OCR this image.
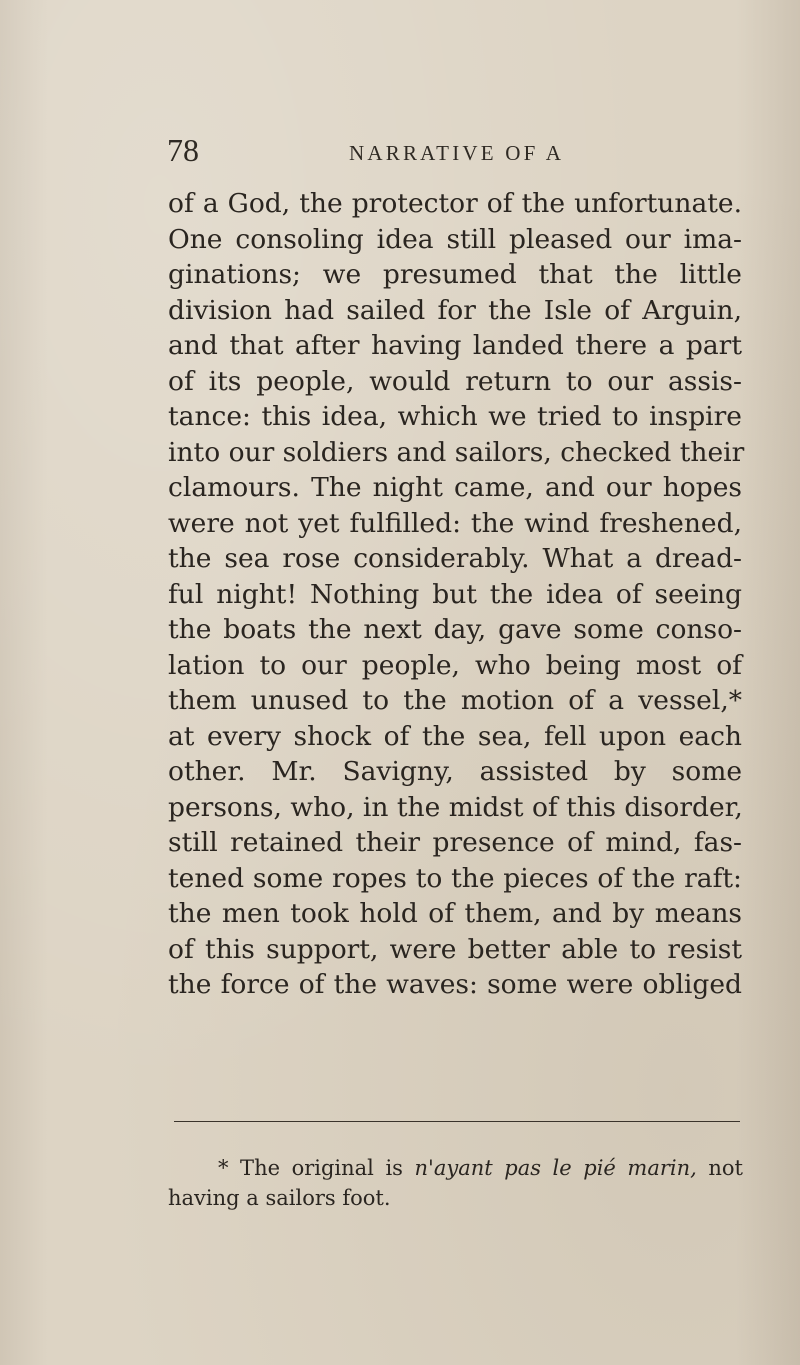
78	NARRATIVE OF A
of a God, the protector of the unfortunate.
One consoling idea still pleased our ima-
ginations; we presumed that the little
division had sailed for the Isle of Arguin,
and that after having landed there a part
of its people, would return to our assis-
tance: this idea, which we tried to inspire
into our soldiers and sailors, checked their
clamours. The night came, and our hopes
were not yet fulfilled: the wind freshened,
the sea rose considerably. What a dread-
ful night! Nothing but the idea of seeing
the boats the next day, gave some conso-
lation to our people, who being most of
them unused to the motion of a vessel,*
at every shock of the sea, fell upon each
other. Mr. Savigny, assisted by some
persons, who, in the midst of this disorder,
still retained their presence of mind, fas-
tened some ropes to the pieces of the raft:
the men took hold of them, and by means
of this support, were better able to resist
the force of the waves: some were obliged
* The original is n'ayant pas le pié marin, not
having a sailors foot.
